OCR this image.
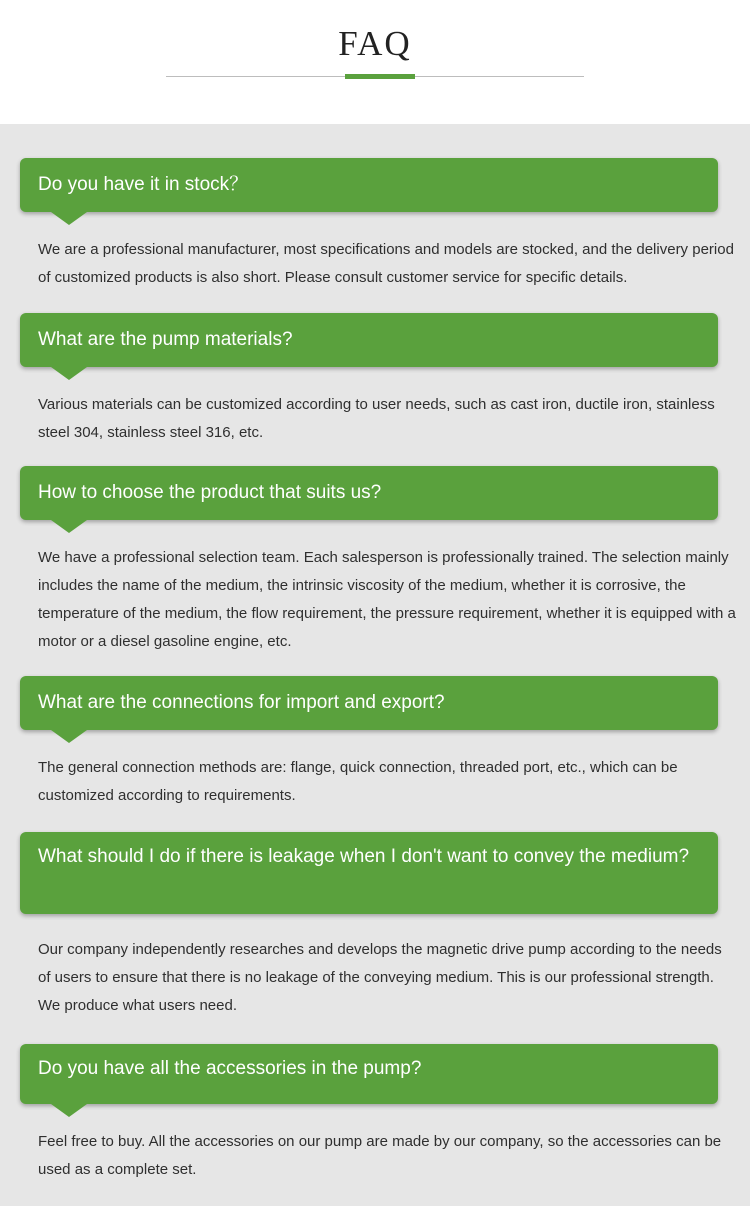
FAQ
Do you have it in stock？
We are a professional manufacturer, most specifications and models are stocked, and the delivery period of customized products is also short. Please consult customer service for specific details.
What are the pump materials?
Various materials can be customized according to user needs, such as cast iron, ductile iron, stainless steel 304, stainless steel 316, etc.
How to choose the product that suits us?
We have a professional selection team. Each salesperson is professionally trained. The selection mainly includes the name of the medium, the intrinsic viscosity of the medium, whether it is corrosive, the temperature of the medium, the flow requirement, the pressure requirement, whether it is equipped with a motor or a diesel gasoline engine, etc.
What are the connections for import and export?
The general connection methods are: flange, quick connection, threaded port, etc., which can be customized according to requirements.
What should I do if there is leakage when I don't want to convey the medium?
Our company independently researches and develops the magnetic drive pump according to the needs of users to ensure that there is no leakage of the conveying medium. This is our professional strength. We produce what users need.
Do you have all the accessories in the pump?
Feel free to buy. All the accessories on our pump are made by our company, so the accessories can be used as a complete set.
